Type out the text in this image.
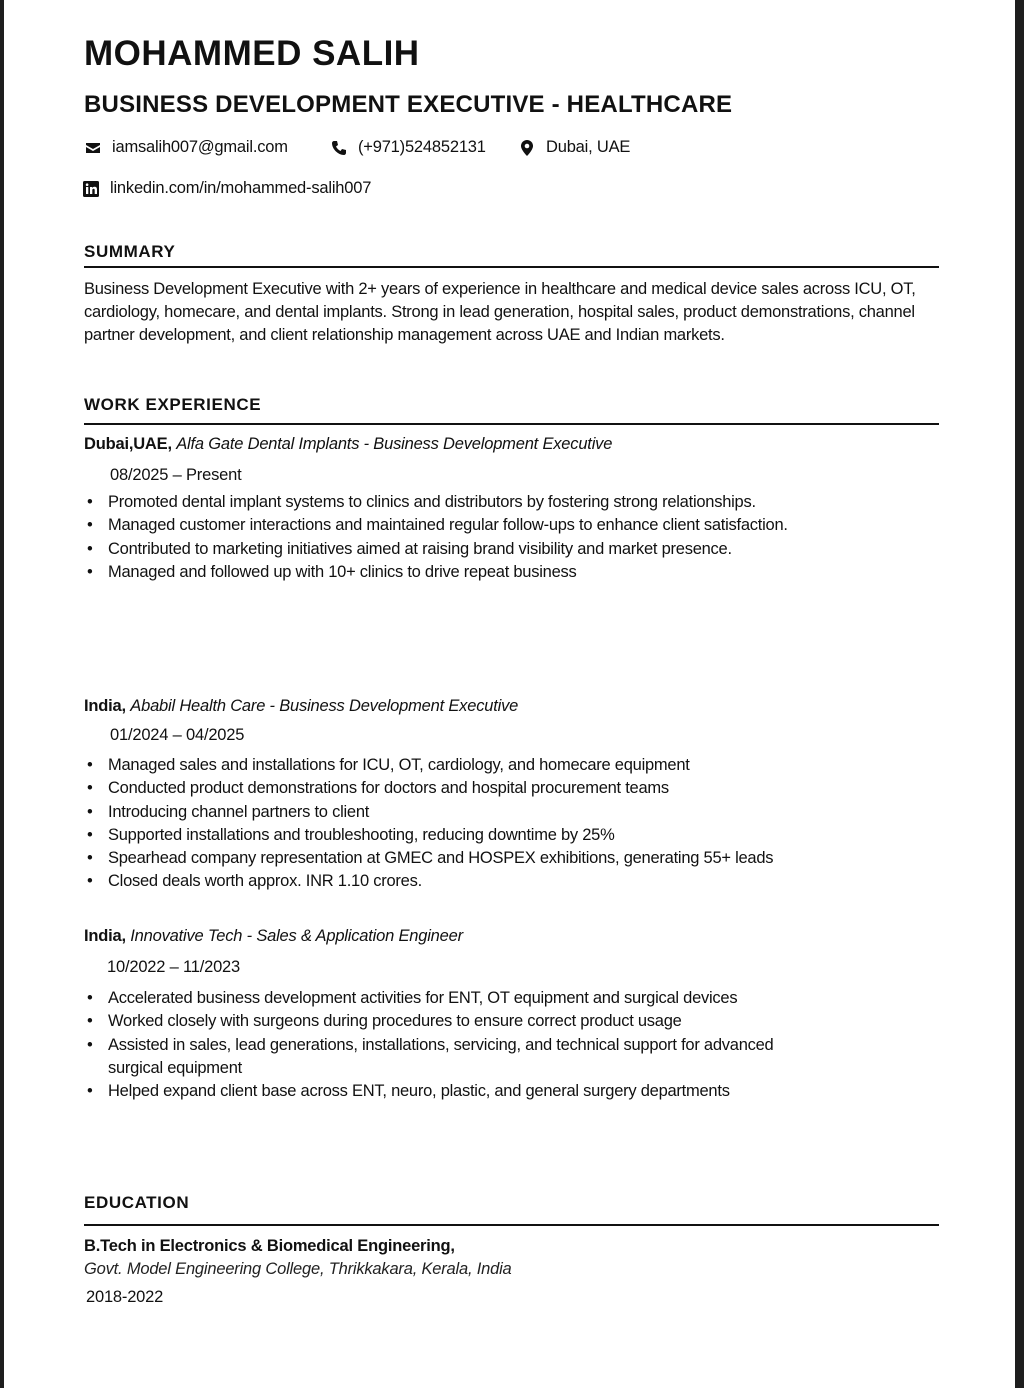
MOHAMMED SALIH
BUSINESS DEVELOPMENT EXECUTIVE - HEALTHCARE
iamsalih007@gmail.com	(+971)524852131	Dubai, UAE
linkedin.com/in/mohammed-salih007
SUMMARY
Business Development Executive with 2+ years of experience in healthcare and medical device sales across ICU, OT, cardiology, homecare, and dental implants. Strong in lead generation, hospital sales, product demonstrations, channel partner development, and client relationship management across UAE and Indian markets.
WORK EXPERIENCE
Dubai,UAE, Alfa Gate Dental Implants - Business Development Executive
08/2025 – Present
• Promoted dental implant systems to clinics and distributors by fostering strong relationships.
• Managed customer interactions and maintained regular follow-ups to enhance client satisfaction.
• Contributed to marketing initiatives aimed at raising brand visibility and market presence.
• Managed and followed up with 10+ clinics to drive repeat business
India, Ababil Health Care - Business Development Executive
01/2024 – 04/2025
• Managed sales and installations for ICU, OT, cardiology, and homecare equipment
• Conducted product demonstrations for doctors and hospital procurement teams
• Introducing channel partners to client
• Supported installations and troubleshooting, reducing downtime by 25%
• Spearhead company representation at GMEC and HOSPEX exhibitions, generating 55+ leads
• Closed deals worth approx. INR 1.10 crores.
India, Innovative Tech - Sales & Application Engineer
10/2022 – 11/2023
• Accelerated business development activities for ENT, OT equipment and surgical devices
• Worked closely with surgeons during procedures to ensure correct product usage
• Assisted in sales, lead generations, installations, servicing, and technical support for advanced surgical equipment
• Helped expand client base across ENT, neuro, plastic, and general surgery departments
EDUCATION
B.Tech in Electronics & Biomedical Engineering,
Govt. Model Engineering College, Thrikkakara, Kerala, India
2018-2022
